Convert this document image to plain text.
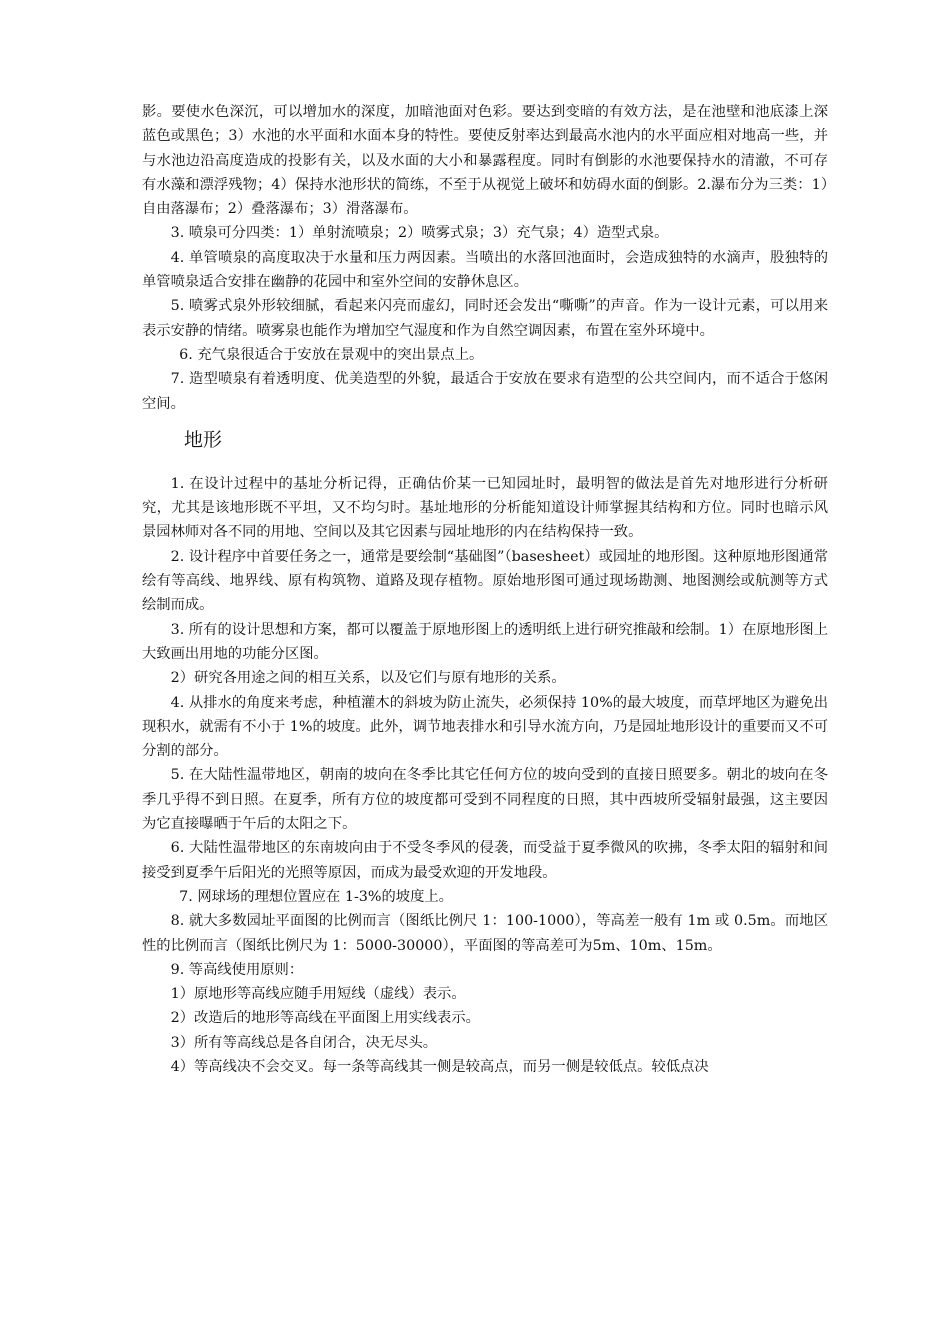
影。要使水色深沉，可以增加水的深度，加暗池面对色彩。要达到变暗的有效方法，是在池壁和池底漆上深蓝色或黑色；3）水池的水平面和水面本身的特性。要使反射率达到最高水池内的水平面应相对地高一些，并与水池边沿高度造成的投影有关，以及水面的大小和暴露程度。同时有倒影的水池要保持水的清澈，不可存有水藻和漂浮残物；4）保持水池形状的简练，不至于从视觉上破坏和妨碍水面的倒影。2.瀑布分为三类：1）自由落瀑布；2）叠落瀑布；3）滑落瀑布。

3. 喷泉可分四类：1）单射流喷泉；2）喷雾式泉；3）充气泉；4）造型式泉。

4. 单管喷泉的高度取决于水量和压力两因素。当喷出的水落回池面时，会造成独特的水滴声，股独特的单管喷泉适合安排在幽静的花园中和室外空间的安静休息区。

5. 喷雾式泉外形较细腻，看起来闪亮而虚幻，同时还会发出“嘶嘶”的声音。作为一设计元素，可以用来表示安静的情绪。喷雾泉也能作为增加空气湿度和作为自然空调因素，布置在室外环境中。

6. 充气泉很适合于安放在景观中的突出景点上。

7. 造型喷泉有着透明度、优美造型的外貌，最适合于安放在要求有造型的公共空间内，而不适合于悠闲空间。

地形

1. 在设计过程中的基址分析记得，正确估价某一已知园址时，最明智的做法是首先对地形进行分析研究，尤其是该地形既不平坦，又不均匀时。基址地形的分析能知道设计师掌握其结构和方位。同时也暗示风景园林师对各不同的用地、空间以及其它因素与园址地形的内在结构保持一致。

2. 设计程序中首要任务之一，通常是要绘制“基础图”（basesheet）或园址的地形图。这种原地形图通常绘有等高线、地界线、原有构筑物、道路及现存植物。原始地形图可通过现场勘测、地图测绘或航测等方式绘制而成。

3. 所有的设计思想和方案，都可以覆盖于原地形图上的透明纸上进行研究推敲和绘制。1）在原地形图上大致画出用地的功能分区图。

2）研究各用途之间的相互关系，以及它们与原有地形的关系。

4. 从排水的角度来考虑，种植灌木的斜坡为防止流失，必须保持 10%的最大坡度，而草坪地区为避免出现积水，就需有不小于 1%的坡度。此外，调节地表排水和引导水流方向，乃是园址地形设计的重要而又不可分割的部分。

5. 在大陆性温带地区，朝南的坡向在冬季比其它任何方位的坡向受到的直接日照要多。朝北的坡向在冬季几乎得不到日照。在夏季，所有方位的坡度都可受到不同程度的日照，其中西坡所受辐射最强，这主要因为它直接曝晒于午后的太阳之下。

6. 大陆性温带地区的东南坡向由于不受冬季风的侵袭，而受益于夏季微风的吹拂，冬季太阳的辐射和间接受到夏季午后阳光的光照等原因，而成为最受欢迎的开发地段。

7. 网球场的理想位置应在 1-3%的坡度上。

8. 就大多数园址平面图的比例而言（图纸比例尺 1：100-1000），等高差一般有 1m 或 0.5m。而地区性的比例而言（图纸比例尺为 1：5000-30000），平面图的等高差可为5m、10m、15m。

9. 等高线使用原则：

1）原地形等高线应随手用短线（虚线）表示。

2）改造后的地形等高线在平面图上用实线表示。

3）所有等高线总是各自闭合，决无尽头。

4）等高线决不会交叉。每一条等高线其一侧是较高点，而另一侧是较低点。较低点决
